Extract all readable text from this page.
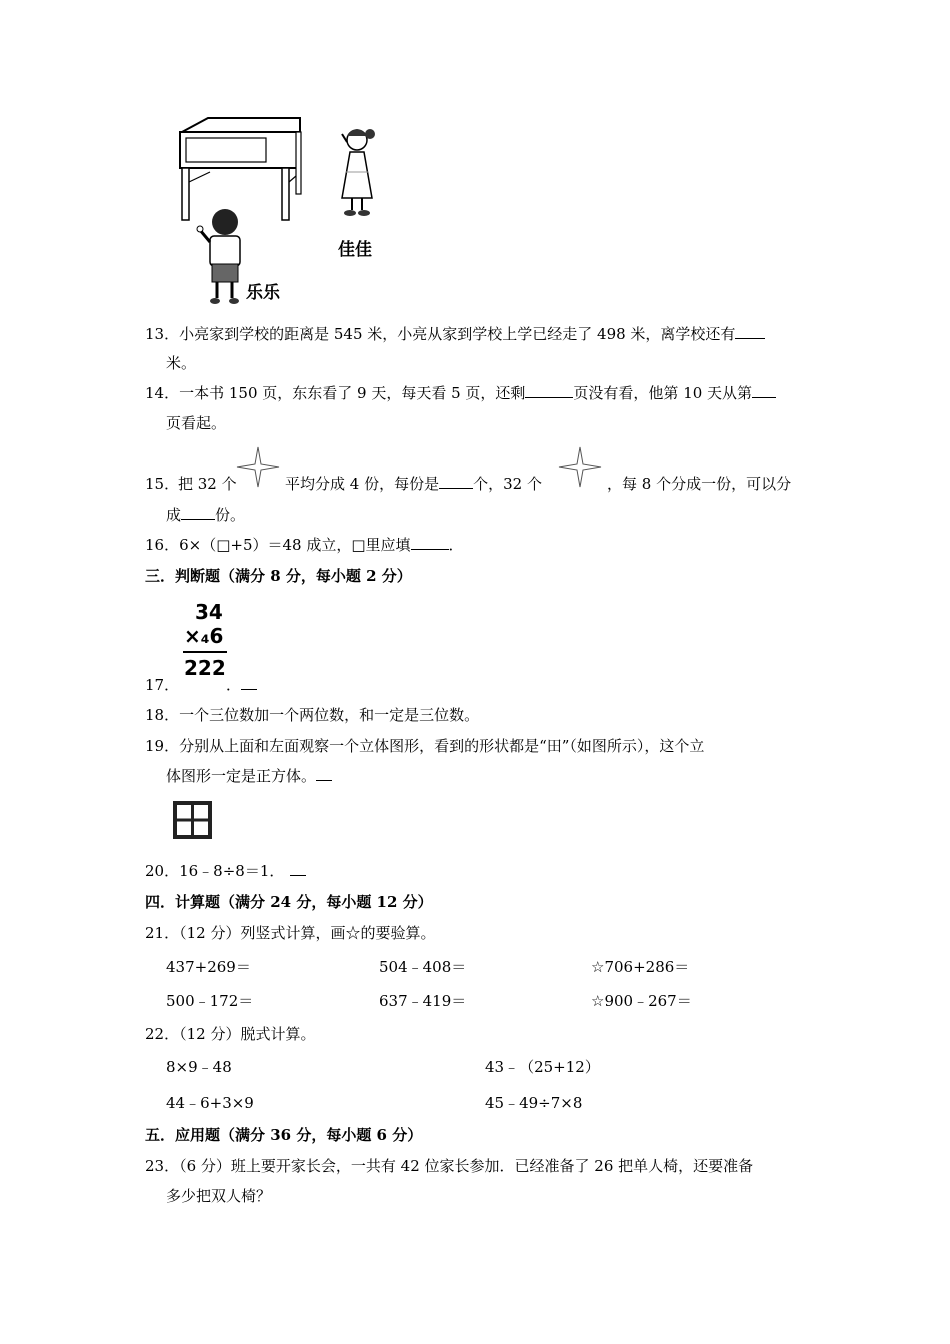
佳佳
乐乐
13．小亮家到学校的距离是 545 米，小亮从家到学校上学已经走了 498 米，离学校还有
米。
14．一本书 150 页，东东看了 9 天，每天看 5 页，还剩	页没有看，他第 10 天从第
页看起。
15．
把 32 个	平均分成 4 份，每份是 个，32 个	，每 8 个分成一份，可以分
成 份。
16．6×（□+5）＝48 成立，□里应填	．
三．判断题（满分 8 分，每小题 2 分）
34
×₄6
222
17．	．
18．一个三位数加一个两位数，和一定是三位数。
19．分别从上面和左面观察一个立体图形，看到的形状都是“田”（如图所示），这个立
体图形一定是正方体。
20．16﹣8÷8＝1．
四．计算题（满分 24 分，每小题 12 分）
21．（12 分）列竖式计算，画☆的要验算。
437+269＝	504﹣408＝	☆706+286＝
500﹣172＝	637﹣419＝	☆900﹣267＝
22．（12 分）脱式计算。
8×9﹣48	43﹣（25+12）
44﹣6+3×9	45﹣49÷7×8
五．应用题（满分 36 分，每小题 6 分）
23．（6 分）班上要开家长会，一共有 42 位家长参加．已经准备了 26 把单人椅，还要准备
多少把双人椅？
